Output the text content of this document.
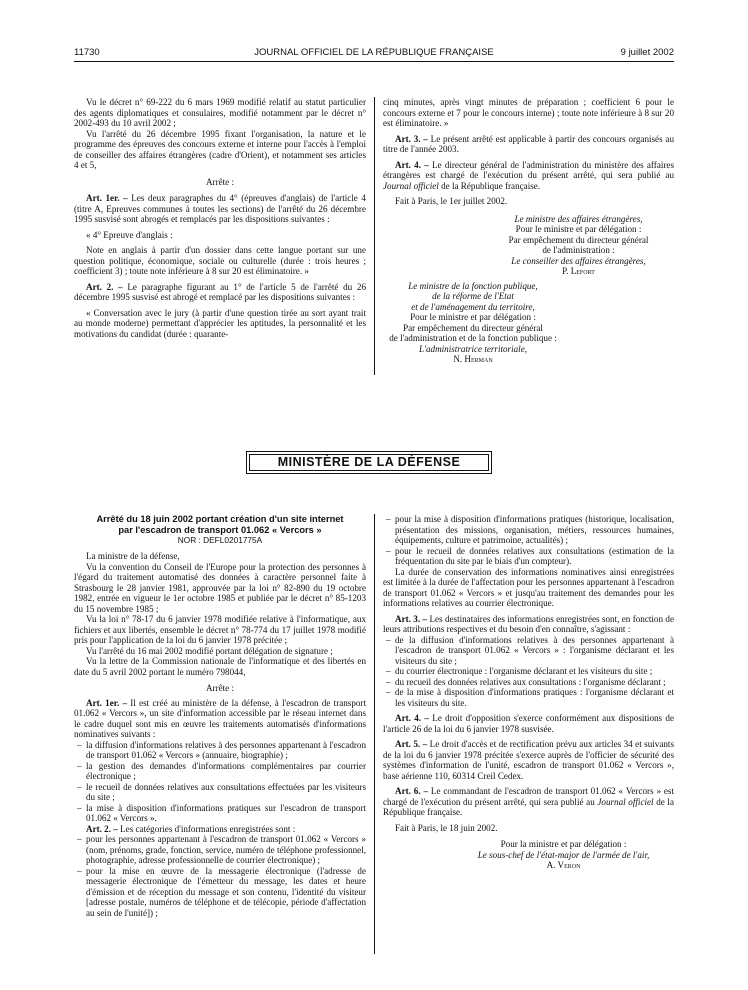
11730	JOURNAL OFFICIEL DE LA RÉPUBLIQUE FRANÇAISE	9 juillet 2002

Vu le décret n° 69-222 du 6 mars 1969 modifié relatif au statut particulier des agents diplomatiques et consulaires, modifié notamment par le décret n° 2002-493 du 10 avril 2002 ;

Vu l'arrêté du 26 décembre 1995 fixant l'organisation, la nature et le programme des épreuves des concours externe et interne pour l'accès à l'emploi de conseiller des affaires étrangères (cadre d'Orient), et notamment ses articles 4 et 5,

Arrête :

Art. 1er. – Les deux paragraphes du 4° (épreuves d'anglais) de l'article 4 (titre A, Epreuves communes à toutes les sections) de l'arrêté du 26 décembre 1995 susvisé sont abrogés et remplacés par les dispositions suivantes :

« 4° Epreuve d'anglais :

Note en anglais à partir d'un dossier dans cette langue portant sur une question politique, économique, sociale ou culturelle (durée : trois heures ; coefficient 3) ; toute note inférieure à 8 sur 20 est éliminatoire. »

Art. 2. – Le paragraphe figurant au 1° de l'article 5 de l'arrêté du 26 décembre 1995 susvisé est abrogé et remplacé par les dispositions suivantes :

« Conversation avec le jury (à partir d'une question tirée au sort ayant trait au monde moderne) permettant d'apprécier les aptitudes, la personnalité et les motivations du candidat (durée : quarante-

cinq minutes, après vingt minutes de préparation ; coefficient 6 pour le concours externe et 7 pour le concours interne) ; toute note inférieure à 8 sur 20 est éliminatoire. »

Art. 3. – Le présent arrêté est applicable à partir des concours organisés au titre de l'année 2003.

Art. 4. – Le directeur général de l'administration du ministère des affaires étrangères est chargé de l'exécution du présent arrêté, qui sera publié au Journal officiel de la République française.

Fait à Paris, le 1er juillet 2002.

Le ministre des affaires étrangères,

Pour le ministre et par délégation :

Par empêchement du directeur général

de l'administration :

Le conseiller des affaires étrangères,

P. Lefort

Le ministre de la fonction publique,

de la réforme de l'Etat

et de l'aménagement du territoire,

Pour le ministre et par délégation :

Par empêchement du directeur général

de l'administration et de la fonction publique :

L'administratrice territoriale,

N. Herman

MINISTÈRE DE LA DÉFENSE
Arrêté du 18 juin 2002 portant création d'un site internet
par l'escadron de transport 01.062 « Vercors »
NOR : DEFL0201775A

La ministre de la défense,

Vu la convention du Conseil de l'Europe pour la protection des personnes à l'égard du traitement automatisé des données à caractère personnel faite à Strasbourg le 28 janvier 1981, approuvée par la loi n° 82-890 du 19 octobre 1982, entrée en vigueur le 1er octobre 1985 et publiée par le décret n° 85-1203 du 15 novembre 1985 ;

Vu la loi n° 78-17 du 6 janvier 1978 modifiée relative à l'informatique, aux fichiers et aux libertés, ensemble le décret n° 78-774 du 17 juillet 1978 modifié pris pour l'application de la loi du 6 janvier 1978 précitée ;

Vu l'arrêté du 16 mai 2002 modifié portant délégation de signature ;

Vu la lettre de la Commission nationale de l'informatique et des libertés en date du 5 avril 2002 portant le numéro 798044,

Arrête :

Art. 1er. – Il est créé au ministère de la défense, à l'escadron de transport 01.062 « Vercors », un site d'information accessible par le réseau internet dans le cadre duquel sont mis en œuvre les traitements automatisés d'informations nominatives suivants :

– la diffusion d'informations relatives à des personnes appartenant à l'escadron de transport 01.062 « Vercors » (annuaire, biographie) ;
– la gestion des demandes d'informations complémentaires par courrier électronique ;
– le recueil de données relatives aux consultations effectuées par les visiteurs du site ;
– la mise à disposition d'informations pratiques sur l'escadron de transport 01.062 « Vercors ».

Art. 2. – Les catégories d'informations enregistrées sont :

– pour les personnes appartenant à l'escadron de transport 01.062 « Vercors » (nom, prénoms, grade, fonction, service, numéro de téléphone professionnel, photographie, adresse professionnelle de courrier électronique) ;
– pour la mise en œuvre de la messagerie électronique (l'adresse de messagerie électronique de l'émetteur du message, les dates et heure d'émission et de réception du message et son contenu, l'identité du visiteur [adresse postale, numéros de téléphone et de télécopie, période d'affectation au sein de l'unité]) ;
– pour la mise à disposition d'informations pratiques (historique, localisation, présentation des missions, organisation, métiers, ressources humaines, équipements, culture et patrimoine, actualités) ;
– pour le recueil de données relatives aux consultations (estimation de la fréquentation du site par le biais d'un compteur).

La durée de conservation des informations nominatives ainsi enregistrées est limitée à la durée de l'affectation pour les personnes appartenant à l'escadron de transport 01.062 « Vercors » et jusqu'au traitement des demandes pour les informations relatives au courrier électronique.

Art. 3. – Les destinataires des informations enregistrées sont, en fonction de leurs attributions respectives et du besoin d'en connaître, s'agissant :

– de la diffusion d'informations relatives à des personnes appartenant à l'escadron de transport 01.062 « Vercors » : l'organisme déclarant et les visiteurs du site ;
– du courrier électronique : l'organisme déclarant et les visiteurs du site ;
– du recueil des données relatives aux consultations : l'organisme déclarant ;
– de la mise à disposition d'informations pratiques : l'organisme déclarant et les visiteurs du site.

Art. 4. – Le droit d'opposition s'exerce conformément aux dispositions de l'article 26 de la loi du 6 janvier 1978 susvisée.

Art. 5. – Le droit d'accès et de rectification prévu aux articles 34 et suivants de la loi du 6 janvier 1978 précitée s'exerce auprès de l'officier de sécurité des systèmes d'information de l'unité, escadron de transport 01.062 « Vercors », base aérienne 110, 60314 Creil Cedex.

Art. 6. – Le commandant de l'escadron de transport 01.062 « Vercors » est chargé de l'exécution du présent arrêté, qui sera publié au Journal officiel de la République française.

Fait à Paris, le 18 juin 2002.

Pour la ministre et par délégation :

Le sous-chef de l'état-major de l'armée de l'air,

A. Veron
